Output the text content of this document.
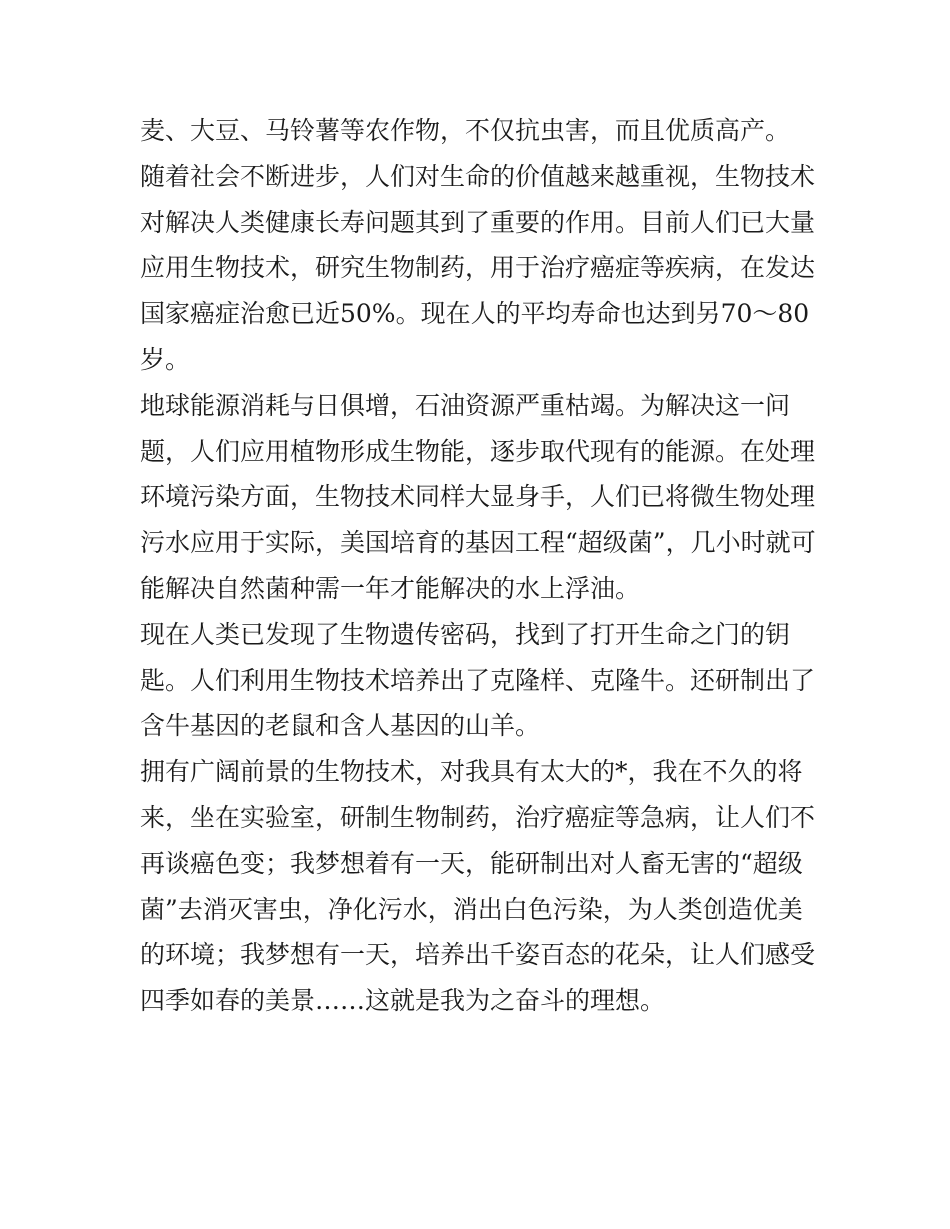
麦、大豆、马铃薯等农作物，不仅抗虫害，而且优质高产。
随着社会不断进步，人们对生命的价值越来越重视，生物技术
对解决人类健康长寿问题其到了重要的作用。目前人们已大量
应用生物技术，研究生物制药，用于治疗癌症等疾病，在发达
国家癌症治愈已近50%。现在人的平均寿命也达到另70～80
岁。
地球能源消耗与日俱增，石油资源严重枯竭。为解决这一问
题，人们应用植物形成生物能，逐步取代现有的能源。在处理
环境污染方面，生物技术同样大显身手，人们已将微生物处理
污水应用于实际，美国培育的基因工程“超级菌”，几小时就可
能解决自然菌种需一年才能解决的水上浮油。
现在人类已发现了生物遗传密码，找到了打开生命之门的钥
匙。人们利用生物技术培养出了克隆样、克隆牛。还研制出了
含牛基因的老鼠和含人基因的山羊。
拥有广阔前景的生物技术，对我具有太大的*，我在不久的将
来，坐在实验室，研制生物制药，治疗癌症等急病，让人们不
再谈癌色变；我梦想着有一天，能研制出对人畜无害的“超级
菌”去消灭害虫，净化污水，消出白色污染，为人类创造优美
的环境；我梦想有一天，培养出千姿百态的花朵，让人们感受
四季如春的美景……这就是我为之奋斗的理想。
